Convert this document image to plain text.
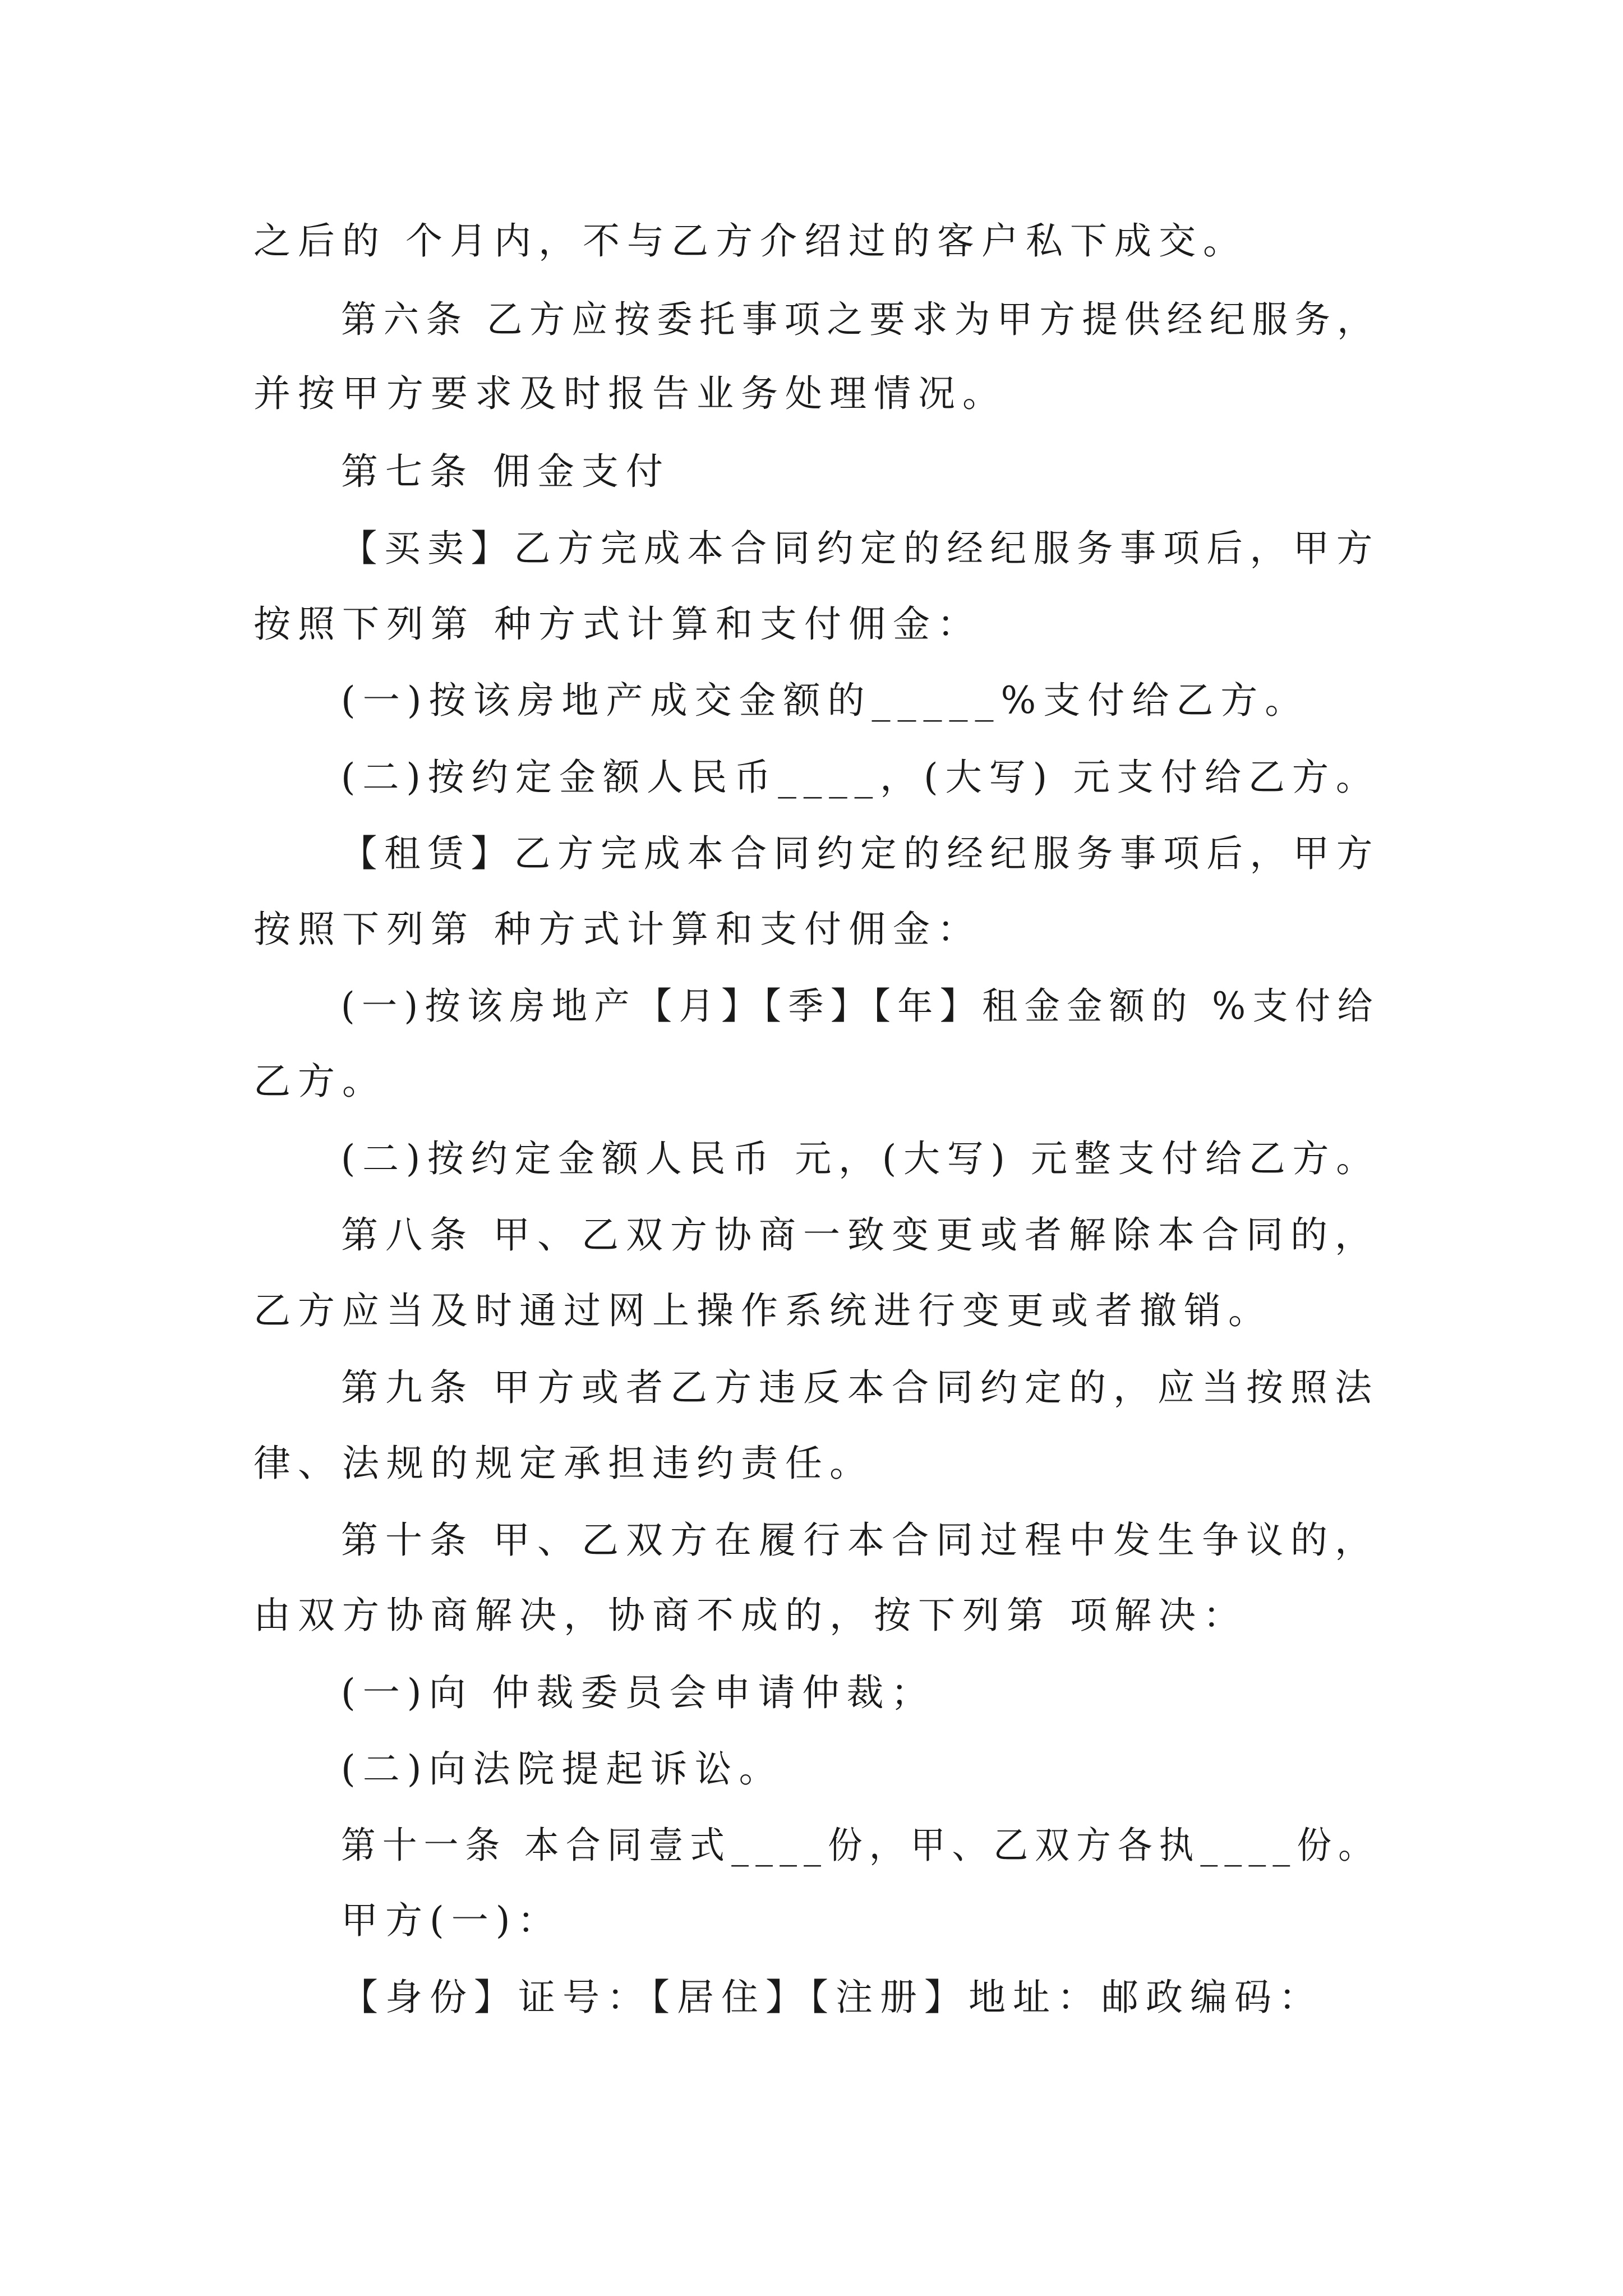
之后的 个月内，不与乙方介绍过的客户私下成交。
第六条 乙方应按委托事项之要求为甲方提供经纪服务，
并按甲方要求及时报告业务处理情况。
第七条 佣金支付
【买卖】乙方完成本合同约定的经纪服务事项后，甲方
按照下列第 种方式计算和支付佣金：
(一)按该房地产成交金额的_____%支付给乙方。
(二)按约定金额人民币____，(大写) 元支付给乙方。
【租赁】乙方完成本合同约定的经纪服务事项后，甲方
按照下列第 种方式计算和支付佣金：
(一)按该房地产【月】【季】【年】租金金额的 %支付给
乙方。
(二)按约定金额人民币 元，(大写) 元整支付给乙方。
第八条 甲、乙双方协商一致变更或者解除本合同的，
乙方应当及时通过网上操作系统进行变更或者撤销。
第九条 甲方或者乙方违反本合同约定的，应当按照法
律、法规的规定承担违约责任。
第十条 甲、乙双方在履行本合同过程中发生争议的，
由双方协商解决，协商不成的，按下列第 项解决：
(一)向 仲裁委员会申请仲裁；
(二)向法院提起诉讼。
第十一条 本合同壹式____份，甲、乙双方各执____份。
甲方(一)：
【身份】证号：【居住】【注册】地址：邮政编码：
